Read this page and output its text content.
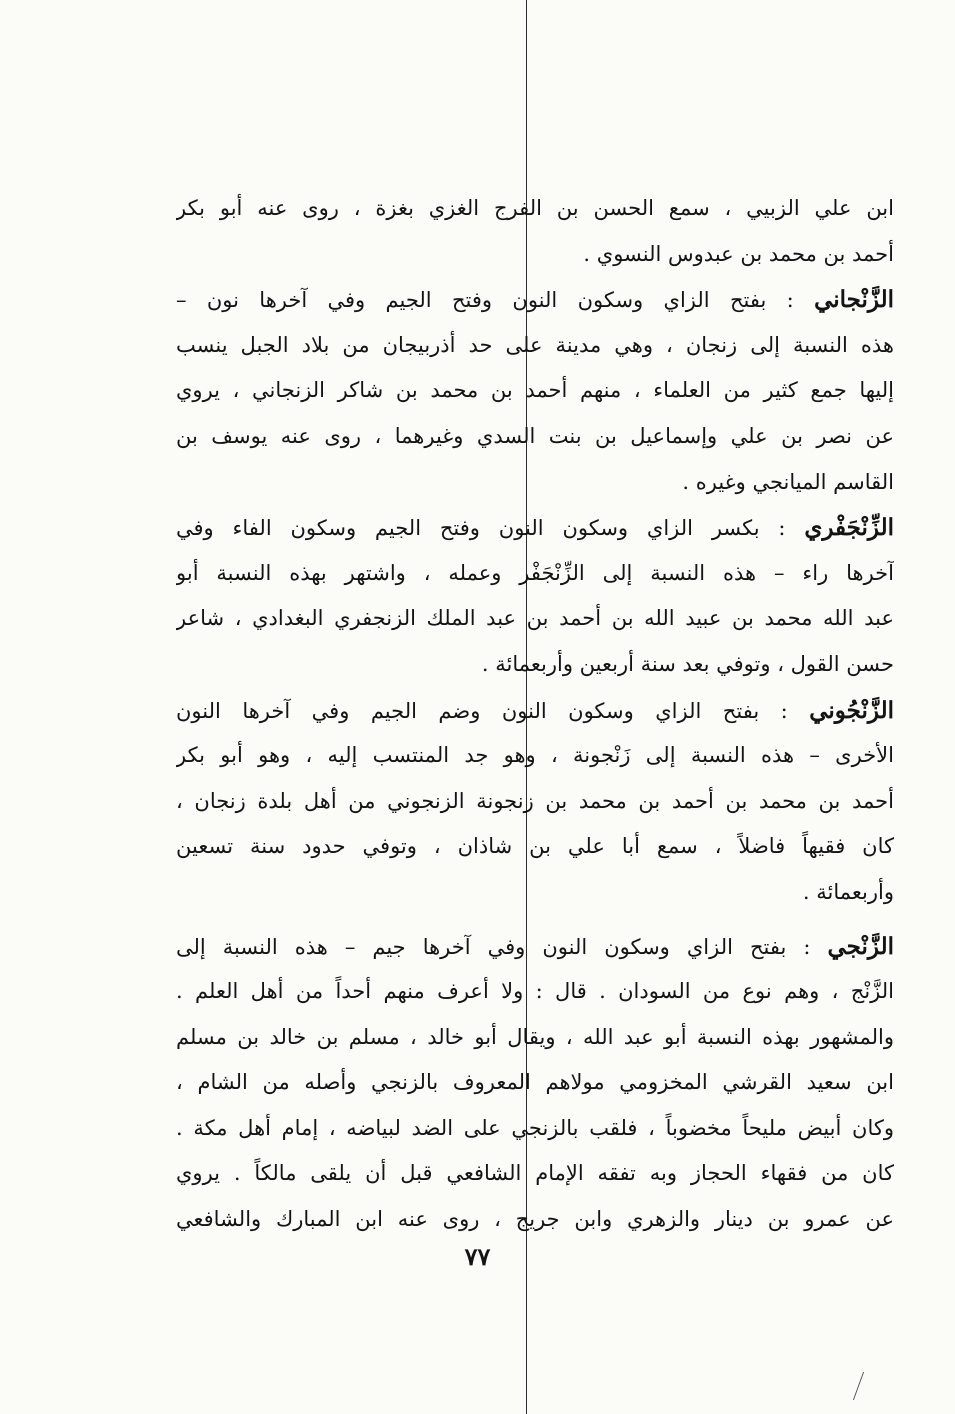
ابن علي الزبيي ، سمع الحسن بن الفرج الغزي بغزة ، روى عنه أبو بكر
أحمد بن محمد بن عبدوس النسوي .
الزَّنْجاني : بفتح الزاي وسكون النون وفتح الجيم وفي آخرها نون –
هذه النسبة إلى زنجان ، وهي مدينة على حد أذربيجان من بلاد الجبل ينسب
إليها جمع كثير من العلماء ، منهم أحمد بن محمد بن شاكر الزنجاني ، يروي
عن نصر بن علي وإسماعيل بن بنت السدي وغيرهما ، روى عنه يوسف بن
القاسم الميانجي وغيره .
الزِّنْجَفْري : بكسر الزاي وسكون النون وفتح الجيم وسكون الفاء وفي
آخرها راء – هذه النسبة إلى الزِّنْجَفْر وعمله ، واشتهر بهذه النسبة أبو
عبد الله محمد بن عبيد الله بن أحمد بن عبد الملك الزنجفري البغدادي ، شاعر
حسن القول ، وتوفي بعد سنة أربعين وأربعمائة .
الزَّنْجُوني : بفتح الزاي وسكون النون وضم الجيم وفي آخرها النون
الأخرى – هذه النسبة إلى زَنْجونة ، وهو جد المنتسب إليه ، وهو أبو بكر
أحمد بن محمد بن أحمد بن محمد بن زنجونة الزنجوني من أهل بلدة زنجان ،
كان فقيهاً فاضلاً ، سمع أبا علي بن شاذان ، وتوفي حدود سنة تسعين
وأربعمائة .
الزَّنْجي : بفتح الزاي وسكون النون وفي آخرها جيم – هذه النسبة إلى
الزَّنْج ، وهم نوع من السودان . قال : ولا أعرف منهم أحداً من أهل العلم .
والمشهور بهذه النسبة أبو عبد الله ، ويقال أبو خالد ، مسلم بن خالد بن مسلم
ابن سعيد القرشي المخزومي مولاهم المعروف بالزنجي وأصله من الشام ،
وكان أبيض مليحاً مخضوباً ، فلقب بالزنجي على الضد لبياضه ، إمام أهل مكة .
كان من فقهاء الحجاز وبه تفقه الإمام الشافعي قبل أن يلقى مالكاً . يروي
عن عمرو بن دينار والزهري وابن جريج ، روى عنه ابن المبارك والشافعي
٧٧
